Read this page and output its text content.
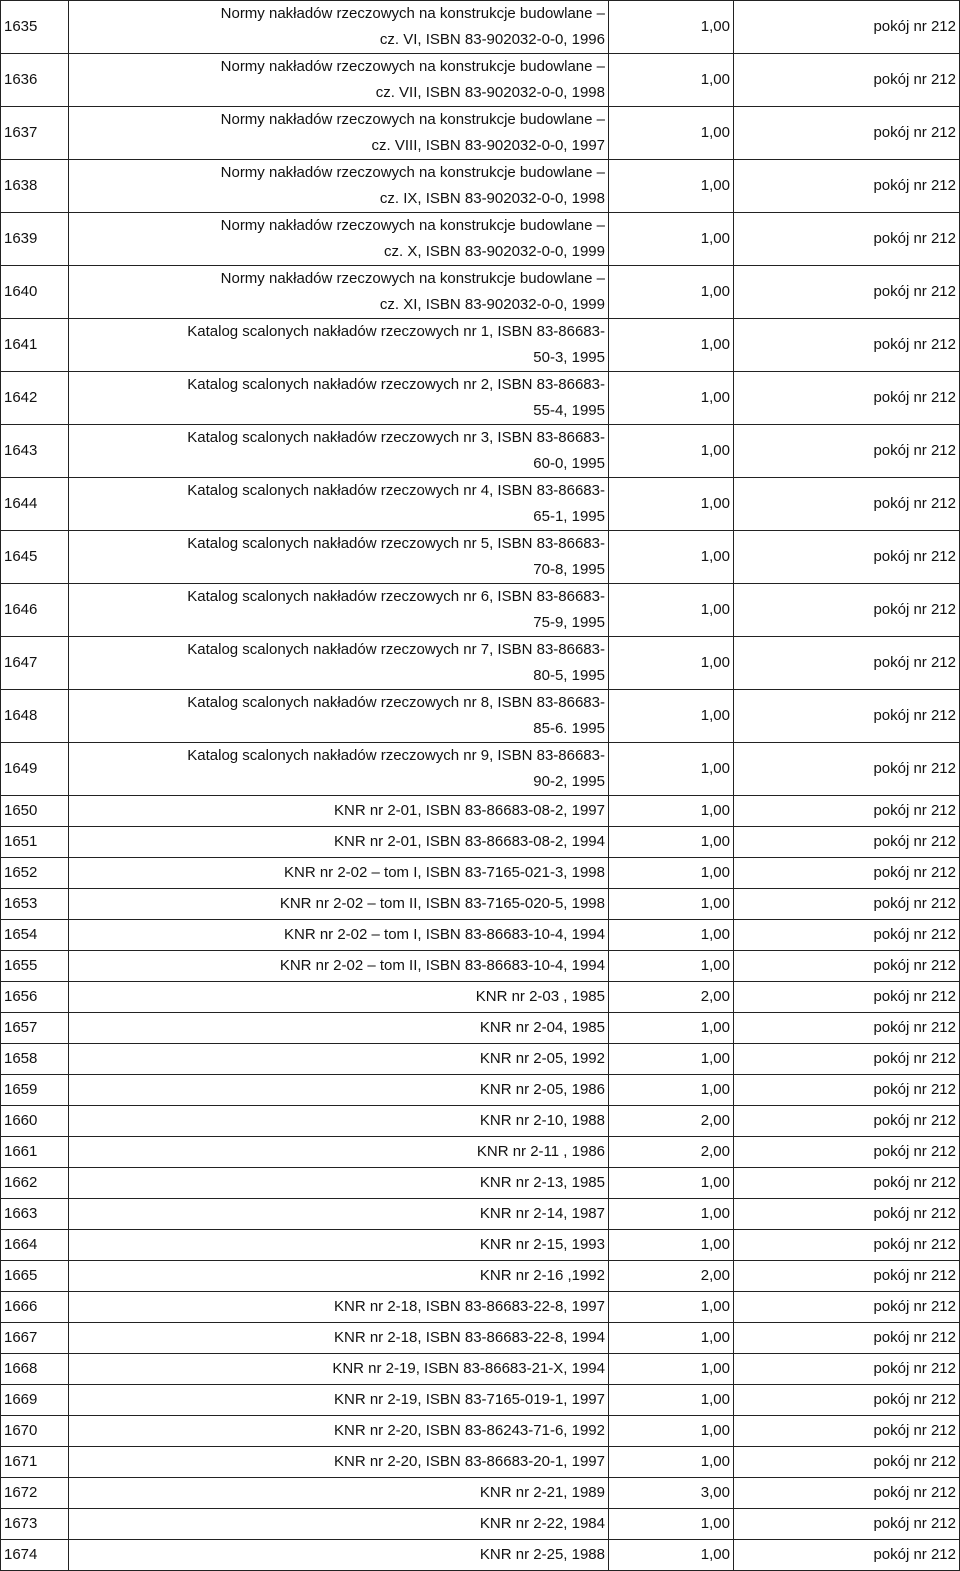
1635	Normy nakładów rzeczowych na konstrukcje budowlane –
cz. VI, ISBN 83-902032-0-0, 1996	1,00	pokój nr 212
1636	Normy nakładów rzeczowych na konstrukcje budowlane –
cz. VII, ISBN 83-902032-0-0, 1998	1,00	pokój nr 212
1637	Normy nakładów rzeczowych na konstrukcje budowlane –
cz. VIII, ISBN 83-902032-0-0, 1997	1,00	pokój nr 212
1638	Normy nakładów rzeczowych na konstrukcje budowlane –
cz. IX, ISBN 83-902032-0-0, 1998	1,00	pokój nr 212
1639	Normy nakładów rzeczowych na konstrukcje budowlane –
cz. X, ISBN 83-902032-0-0, 1999	1,00	pokój nr 212
1640	Normy nakładów rzeczowych na konstrukcje budowlane –
cz. XI, ISBN 83-902032-0-0, 1999	1,00	pokój nr 212
1641	Katalog scalonych nakładów rzeczowych nr 1, ISBN 83-86683-
50-3, 1995	1,00	pokój nr 212
1642	Katalog scalonych nakładów rzeczowych nr 2, ISBN 83-86683-
55-4, 1995	1,00	pokój nr 212
1643	Katalog scalonych nakładów rzeczowych nr 3, ISBN 83-86683-
60-0, 1995	1,00	pokój nr 212
1644	Katalog scalonych nakładów rzeczowych nr 4, ISBN 83-86683-
65-1, 1995	1,00	pokój nr 212
1645	Katalog scalonych nakładów rzeczowych nr 5, ISBN 83-86683-
70-8, 1995	1,00	pokój nr 212
1646	Katalog scalonych nakładów rzeczowych nr 6, ISBN 83-86683-
75-9, 1995	1,00	pokój nr 212
1647	Katalog scalonych nakładów rzeczowych nr 7, ISBN 83-86683-
80-5, 1995	1,00	pokój nr 212
1648	Katalog scalonych nakładów rzeczowych nr 8, ISBN 83-86683-
85-6. 1995	1,00	pokój nr 212
1649	Katalog scalonych nakładów rzeczowych nr 9, ISBN 83-86683-
90-2, 1995	1,00	pokój nr 212
1650	KNR nr 2-01, ISBN 83-86683-08-2, 1997	1,00	pokój nr 212
1651	KNR nr 2-01, ISBN 83-86683-08-2, 1994	1,00	pokój nr 212
1652	KNR nr 2-02 – tom I, ISBN 83-7165-021-3, 1998	1,00	pokój nr 212
1653	KNR nr 2-02 – tom II, ISBN 83-7165-020-5, 1998	1,00	pokój nr 212
1654	KNR nr 2-02 – tom I, ISBN 83-86683-10-4, 1994	1,00	pokój nr 212
1655	KNR nr 2-02 – tom II, ISBN 83-86683-10-4, 1994	1,00	pokój nr 212
1656	KNR nr 2-03 , 1985	2,00	pokój nr 212
1657	KNR nr 2-04, 1985	1,00	pokój nr 212
1658	KNR nr 2-05, 1992	1,00	pokój nr 212
1659	KNR nr 2-05, 1986	1,00	pokój nr 212
1660	KNR nr 2-10, 1988	2,00	pokój nr 212
1661	KNR nr 2-11 , 1986	2,00	pokój nr 212
1662	KNR nr 2-13, 1985	1,00	pokój nr 212
1663	KNR nr 2-14, 1987	1,00	pokój nr 212
1664	KNR nr 2-15, 1993	1,00	pokój nr 212
1665	KNR nr 2-16 ,1992	2,00	pokój nr 212
1666	KNR nr 2-18, ISBN 83-86683-22-8, 1997	1,00	pokój nr 212
1667	KNR nr 2-18, ISBN 83-86683-22-8, 1994	1,00	pokój nr 212
1668	KNR nr 2-19, ISBN 83-86683-21-X, 1994	1,00	pokój nr 212
1669	KNR nr 2-19, ISBN 83-7165-019-1, 1997	1,00	pokój nr 212
1670	KNR nr 2-20, ISBN 83-86243-71-6, 1992	1,00	pokój nr 212
1671	KNR nr 2-20, ISBN 83-86683-20-1, 1997	1,00	pokój nr 212
1672	KNR nr 2-21, 1989	3,00	pokój nr 212
1673	KNR nr 2-22, 1984	1,00	pokój nr 212
1674	KNR nr 2-25, 1988	1,00	pokój nr 212
